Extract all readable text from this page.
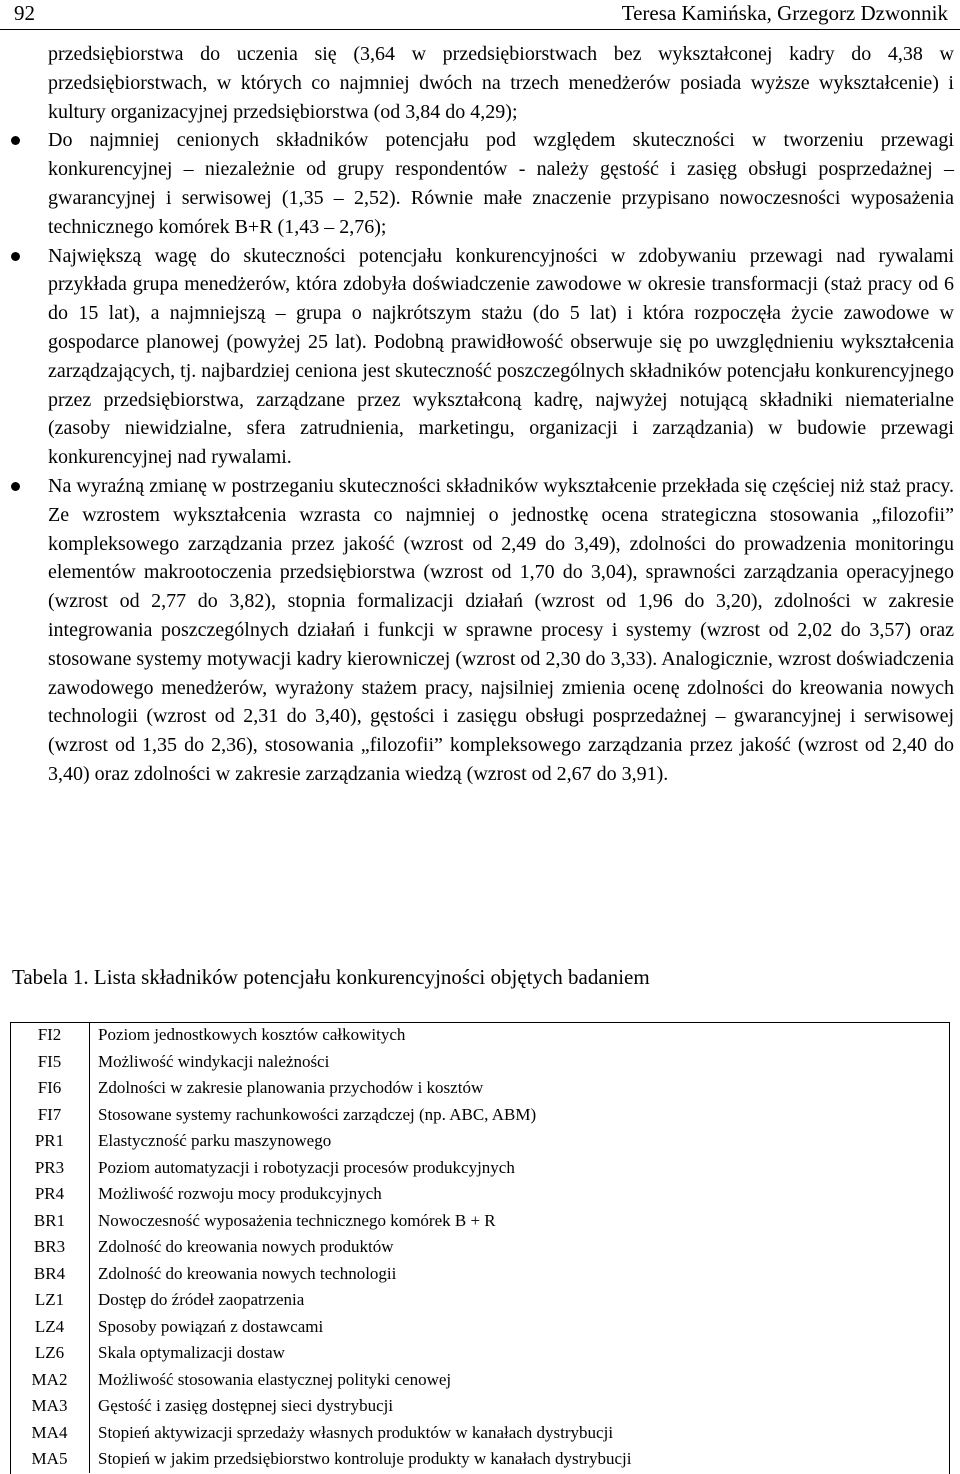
92	Teresa Kamińska, Grzegorz Dzwonnik

przedsiębiorstwa do uczenia się (3,64 w przedsiębiorstwach bez wykształconej kadry do 4,38 w przedsiębiorstwach, w których co najmniej dwóch na trzech menedżerów posiada wyższe wykształcenie) i kultury organizacyjnej przedsiębiorstwa (od 3,84 do 4,29);

Do najmniej cenionych składników potencjału pod względem skuteczności w tworzeniu przewagi konkurencyjnej – niezależnie od grupy respondentów - należy gęstość i zasięg obsługi posprzedażnej – gwarancyjnej i serwisowej (1,35 – 2,52). Równie małe znaczenie przypisano nowoczesności wyposażenia technicznego komórek B+R (1,43 – 2,76);

Największą wagę do skuteczności potencjału konkurencyjności w zdobywaniu przewagi nad rywalami przykłada grupa menedżerów, która zdobyła doświadczenie zawodowe w okresie transformacji (staż pracy od 6 do 15 lat), a najmniejszą – grupa o najkrótszym stażu (do 5 lat) i która rozpoczęła życie zawodowe w gospodarce planowej (powyżej 25 lat). Podobną prawidłowość obserwuje się po uwzględnieniu wykształcenia zarządzających, tj. najbardziej ceniona jest skuteczność poszczególnych składników potencjału konkurencyjnego przez przedsiębiorstwa, zarządzane przez wykształconą kadrę, najwyżej notującą składniki niematerialne (zasoby niewidzialne, sfera zatrudnienia, marketingu, organizacji i zarządzania) w budowie przewagi konkurencyjnej nad rywalami.

Na wyraźną zmianę w postrzeganiu skuteczności składników wykształcenie przekłada się częściej niż staż pracy. Ze wzrostem wykształcenia wzrasta co najmniej o jednostkę ocena strategiczna stosowania „filozofii” kompleksowego zarządzania przez jakość (wzrost od 2,49 do 3,49), zdolności do prowadzenia monitoringu elementów makrootoczenia przedsiębiorstwa (wzrost od 1,70 do 3,04), sprawności zarządzania operacyjnego (wzrost od 2,77 do 3,82), stopnia formalizacji działań (wzrost od 1,96 do 3,20), zdolności w zakresie integrowania poszczególnych działań i funkcji w sprawne procesy i systemy (wzrost od 2,02 do 3,57) oraz stosowane systemy motywacji kadry kierowniczej (wzrost od 2,30 do 3,33). Analogicznie, wzrost doświadczenia zawodowego menedżerów, wyrażony stażem pracy, najsilniej zmienia ocenę zdolności do kreowania nowych technologii (wzrost od 2,31 do 3,40), gęstości i zasięgu obsługi posprzedażnej – gwarancyjnej i serwisowej (wzrost od 1,35 do 2,36), stosowania „filozofii” kompleksowego zarządzania przez jakość (wzrost od 2,40 do 3,40) oraz zdolności w zakresie zarządzania wiedzą (wzrost od 2,67 do 3,91).

Tabela 1. Lista składników potencjału konkurencyjności objętych badaniem
FI2	Poziom jednostkowych kosztów całkowitych
FI5	Możliwość windykacji należności
FI6	Zdolności w zakresie planowania przychodów i kosztów
FI7	Stosowane systemy rachunkowości zarządczej (np. ABC, ABM)
PR1	Elastyczność parku maszynowego
PR3	Poziom automatyzacji i robotyzacji procesów produkcyjnych
PR4	Możliwość rozwoju mocy produkcyjnych
BR1	Nowoczesność wyposażenia technicznego komórek B + R
BR3	Zdolność do kreowania nowych produktów
BR4	Zdolność do kreowania nowych technologii
LZ1	Dostęp do źródeł zaopatrzenia
LZ4	Sposoby powiązań z dostawcami
LZ6	Skala optymalizacji dostaw
MA2	Możliwość stosowania elastycznej polityki cenowej
MA3	Gęstość i zasięg dostępnej sieci dystrybucji
MA4	Stopień aktywizacji sprzedaży własnych produktów w kanałach dystrybucji
MA5	Stopień w jakim przedsiębiorstwo kontroluje produkty w kanałach dystrybucji
